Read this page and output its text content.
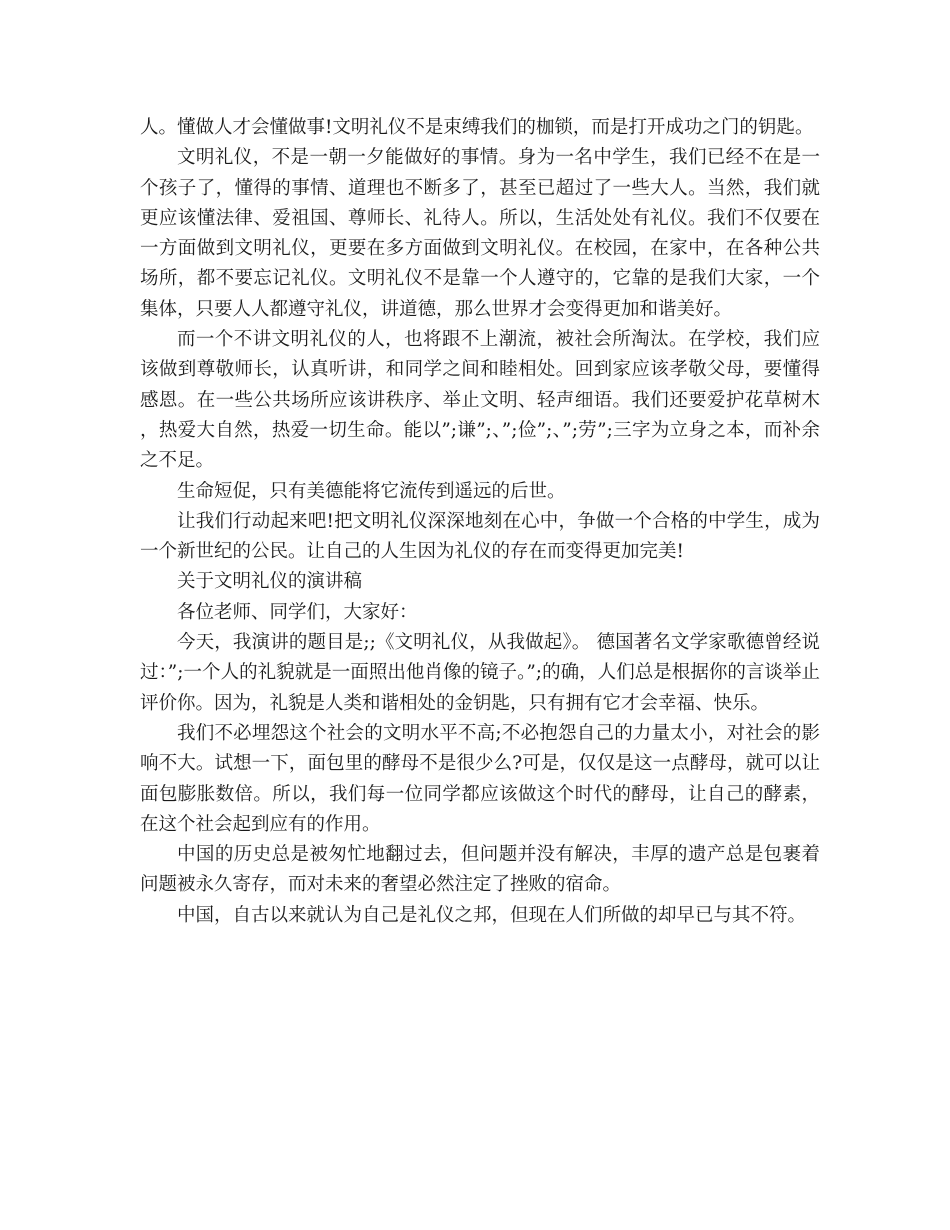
人。懂做人才会懂做事!文明礼仪不是束缚我们的枷锁，而是打开成功之门的钥匙。

文明礼仪，不是一朝一夕能做好的事情。身为一名中学生，我们已经不在是一个孩子了，懂得的事情、道理也不断多了，甚至已超过了一些大人。当然，我们就更应该懂法律、爱祖国、尊师长、礼待人。所以，生活处处有礼仪。我们不仅要在一方面做到文明礼仪，更要在多方面做到文明礼仪。在校园，在家中，在各种公共场所，都不要忘记礼仪。文明礼仪不是靠一个人遵守的，它靠的是我们大家，一个集体，只要人人都遵守礼仪，讲道德，那么世界才会变得更加和谐美好。

而一个不讲文明礼仪的人，也将跟不上潮流，被社会所淘汰。在学校，我们应该做到尊敬师长，认真听讲，和同学之间和睦相处。回到家应该孝敬父母，要懂得感恩。在一些公共场所应该讲秩序、举止文明、轻声细语。我们还要爱护花草树木，热爱大自然，热爱一切生命。能以”;谦”;、”;俭”;、”;劳”;三字为立身之本，而补余之不足。

生命短促，只有美德能将它流传到遥远的后世。

让我们行动起来吧!把文明礼仪深深地刻在心中，争做一个合格的中学生，成为一个新世纪的公民。让自己的人生因为礼仪的存在而变得更加完美!

关于文明礼仪的演讲稿

各位老师、同学们，大家好：

今天，我演讲的题目是;;《文明礼仪，从我做起》。 德国著名文学家歌德曾经说过：”;一个人的礼貌就是一面照出他肖像的镜子。”;的确，人们总是根据你的言谈举止评价你。因为，礼貌是人类和谐相处的金钥匙，只有拥有它才会幸福、快乐。

我们不必埋怨这个社会的文明水平不高;不必抱怨自己的力量太小，对社会的影响不大。试想一下，面包里的酵母不是很少么?可是，仅仅是这一点酵母，就可以让面包膨胀数倍。所以，我们每一位同学都应该做这个时代的酵母，让自己的酵素，在这个社会起到应有的作用。

中国的历史总是被匆忙地翻过去，但问题并没有解决，丰厚的遗产总是包裹着问题被永久寄存，而对未来的奢望必然注定了挫败的宿命。

中国，自古以来就认为自己是礼仪之邦，但现在人们所做的却早已与其不符。
